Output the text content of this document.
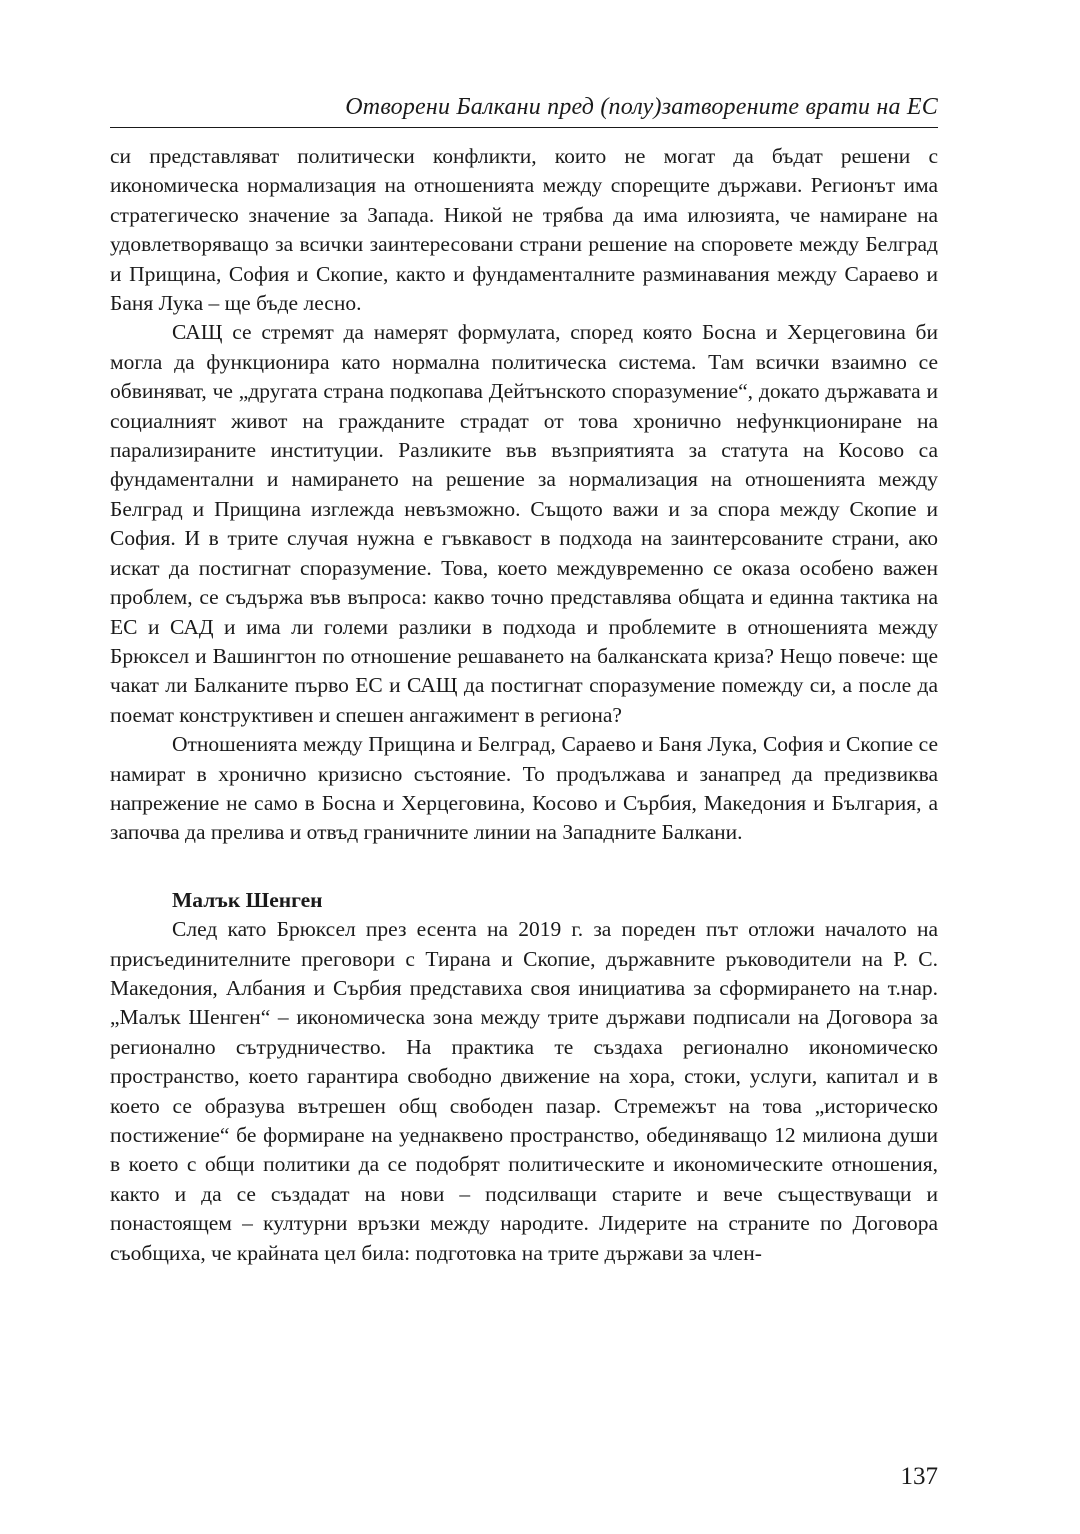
Отворени Балкани пред (полу)затворените врати на ЕС

си представляват политически конфликти, които не могат да бъдат решени с икономическа нормализация на отношенията между спорещите държави. Регионът има стратегическо значение за Запада. Никой не трябва да има илюзията, че намиране на удовлетворяващо за всички заинтересовани страни решение на споровете между Белград и Прищина, София и Скопие, както и фундаменталните разминавания между Сараево и Баня Лука – ще бъде лесно.

САЩ се стремят да намерят формулата, според която Босна и Херцеговина би могла да функционира като нормална политическа система. Там всички взаимно се обвиняват, че „другата страна подкопава Дейтънското споразумение“, докато държавата и социалният живот на гражданите страдат от това хронично нефункциониране на парализираните институции. Разликите във възприятията за статута на Косово са фундаментални и намирането на решение за нормализация на отношенията между Белград и Прищина изглежда невъзможно. Същото важи и за спора между Скопие и София. И в трите случая нужна е гъвкавост в подхода на заинтерсованите страни, ако искат да постигнат споразумение. Това, което междувременно се оказа особено важен проблем, се съдържа във въпроса: какво точно представлява общата и единна тактика на ЕС и САД и има ли големи разлики в подхода и проблемите в отношенията между Брюксел и Вашингтон по отношение решаването на балканската криза? Нещо повече: ще чакат ли Балканите първо ЕС и САЩ да постигнат споразумение помежду си, а после да поемат конструктивен и спешен ангажимент в региона?

Отношенията между Прищина и Белград, Сараево и Баня Лука, София и Скопие се намират в хронично кризисно състояние. То продължава и занапред да предизвиква напрежение не само в Босна и Херцеговина, Косово и Сърбия, Македония и България, а започва да прелива и отвъд граничните линии на Западните Балкани.

Малък Шенген

След като Брюксел през есента на 2019 г. за пореден път отложи началото на присъединителните преговори с Тирана и Скопие, държавните ръководители на Р. С. Македония, Албания и Сърбия представиха своя инициатива за сформирането на т.нар. „Малък Шенген“ – икономическа зона между трите държави подписали на Договора за регионално сътрудничество. На практика те създаха регионално икономическо пространство, което гарантира свободно движение на хора, стоки, услуги, капитал и в което се образува вътрешен общ свободен пазар. Стремежът на това „историческо постижение“ бе формиране на уеднаквено пространство, обединяващо 12 милиона души в което с общи политики да се подобрят политическите и икономическите отношения, както и да се създадат на нови – подсилващи старите и вече съществуващи и понастоящем – културни връзки между народите. Лидерите на страните по Договора съобщиха, че крайната цел била: подготовка на трите държави за член-

137
